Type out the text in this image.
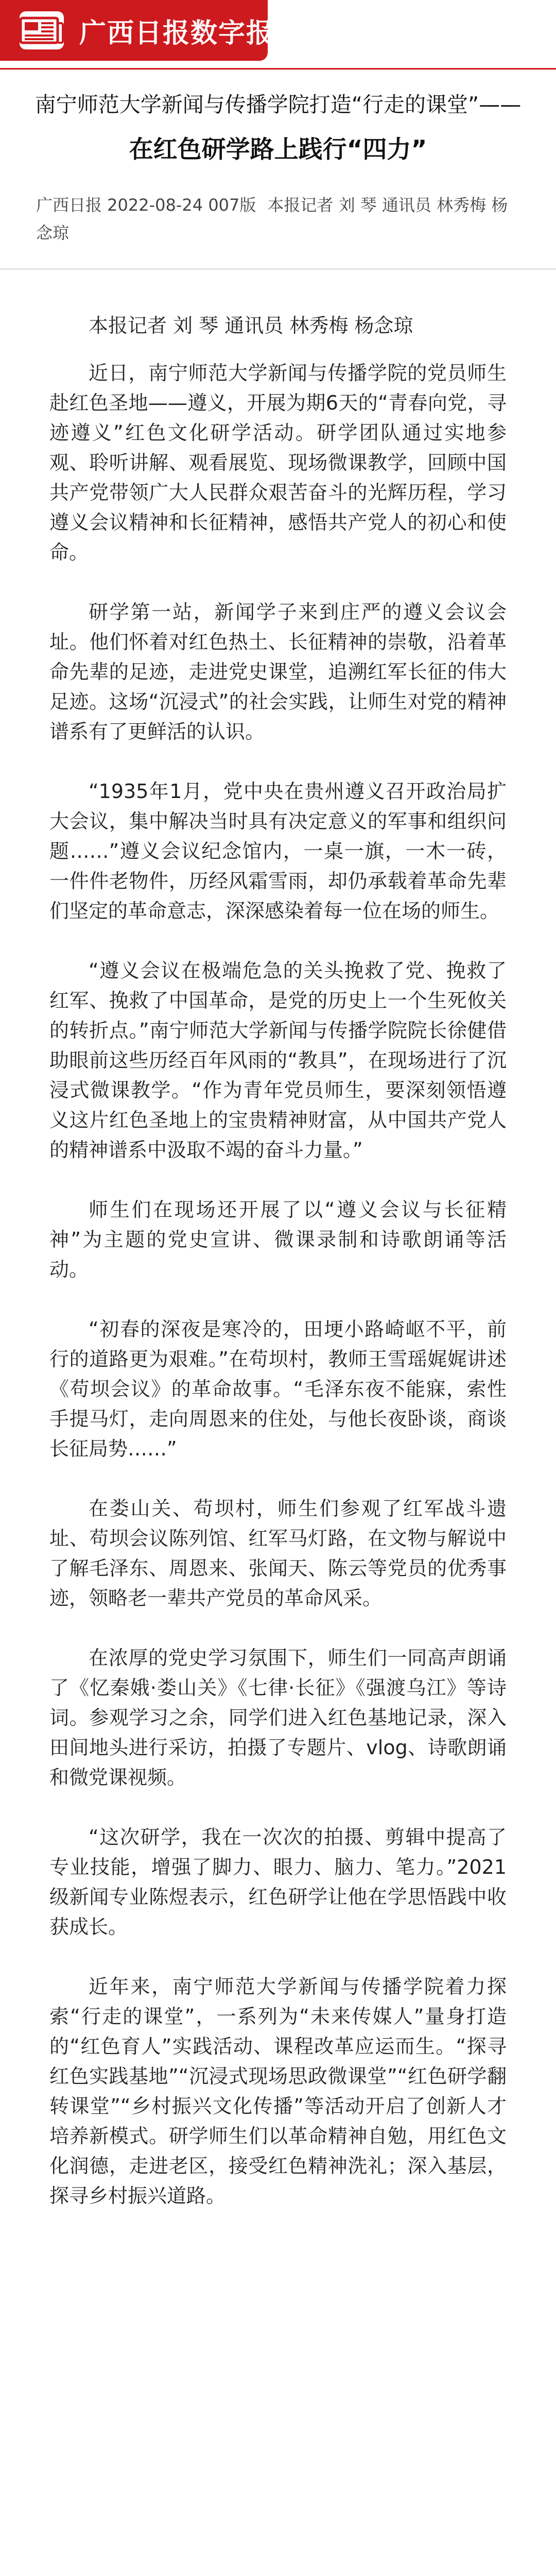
广西日报数字报
南宁师范大学新闻与传播学院打造“行走的课堂”——
在红色研学路上践行“四力”
广西日报 2022-08-24 007版 本报记者 刘 琴 通讯员 林秀梅 杨念琼

本报记者 刘 琴 通讯员 林秀梅 杨念琼

近日，南宁师范大学新闻与传播学院的党员师生赴红色圣地——遵义，开展为期6天的“青春向党，寻迹遵义”红色文化研学活动。研学团队通过实地参观、聆听讲解、观看展览、现场微课教学，回顾中国共产党带领广大人民群众艰苦奋斗的光辉历程，学习遵义会议精神和长征精神，感悟共产党人的初心和使命。

研学第一站，新闻学子来到庄严的遵义会议会址。他们怀着对红色热土、长征精神的崇敬，沿着革命先辈的足迹，走进党史课堂，追溯红军长征的伟大足迹。这场“沉浸式”的社会实践，让师生对党的精神谱系有了更鲜活的认识。

“1935年1月，党中央在贵州遵义召开政治局扩大会议，集中解决当时具有决定意义的军事和组织问题……”遵义会议纪念馆内，一桌一旗，一木一砖，一件件老物件，历经风霜雪雨，却仍承载着革命先辈们坚定的革命意志，深深感染着每一位在场的师生。

“遵义会议在极端危急的关头挽救了党、挽救了红军、挽救了中国革命，是党的历史上一个生死攸关的转折点。”南宁师范大学新闻与传播学院院长徐健借助眼前这些历经百年风雨的“教具”，在现场进行了沉浸式微课教学。“作为青年党员师生，要深刻领悟遵义这片红色圣地上的宝贵精神财富，从中国共产党人的精神谱系中汲取不竭的奋斗力量。”

师生们在现场还开展了以“遵义会议与长征精神”为主题的党史宣讲、微课录制和诗歌朗诵等活动。

“初春的深夜是寒冷的，田埂小路崎岖不平，前行的道路更为艰难。”在苟坝村，教师王雪瑶娓娓讲述《苟坝会议》的革命故事。“毛泽东夜不能寐，索性手提马灯，走向周恩来的住处，与他长夜卧谈，商谈长征局势……”

在娄山关、苟坝村，师生们参观了红军战斗遗址、苟坝会议陈列馆、红军马灯路，在文物与解说中了解毛泽东、周恩来、张闻天、陈云等党员的优秀事迹，领略老一辈共产党员的革命风采。

在浓厚的党史学习氛围下，师生们一同高声朗诵了《忆秦娥·娄山关》《七律·长征》《强渡乌江》等诗词。参观学习之余，同学们进入红色基地记录，深入田间地头进行采访，拍摄了专题片、vlog、诗歌朗诵和微党课视频。

“这次研学，我在一次次的拍摄、剪辑中提高了专业技能，增强了脚力、眼力、脑力、笔力。”2021级新闻专业陈煜表示，红色研学让他在学思悟践中收获成长。

近年来，南宁师范大学新闻与传播学院着力探索“行走的课堂”，一系列为“未来传媒人”量身打造的“红色育人”实践活动、课程改革应运而生。“探寻红色实践基地”“沉浸式现场思政微课堂”“红色研学翻转课堂”“乡村振兴文化传播”等活动开启了创新人才培养新模式。研学师生们以革命精神自勉，用红色文化润德，走进老区，接受红色精神洗礼；深入基层，探寻乡村振兴道路。
